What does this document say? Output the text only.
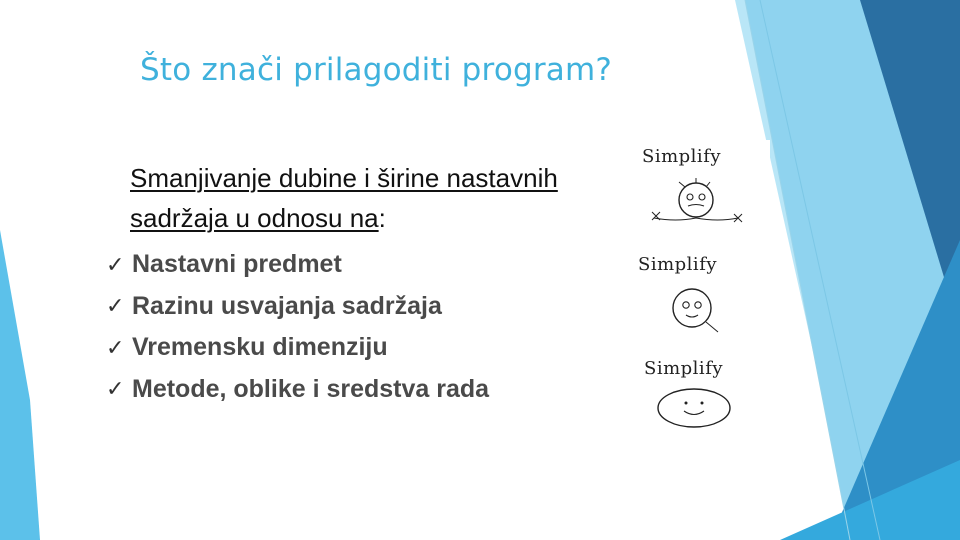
Što znači prilagoditi program?
Smanjivanje dubine i širine nastavnih
sadržaja u odnosu na:
✓ Nastavni predmet
✓ Razinu usvajanja sadržaja
✓ Vremensku dimenziju
✓ Metode, oblike i sredstva rada
Simplify
Simplify
Simplify
